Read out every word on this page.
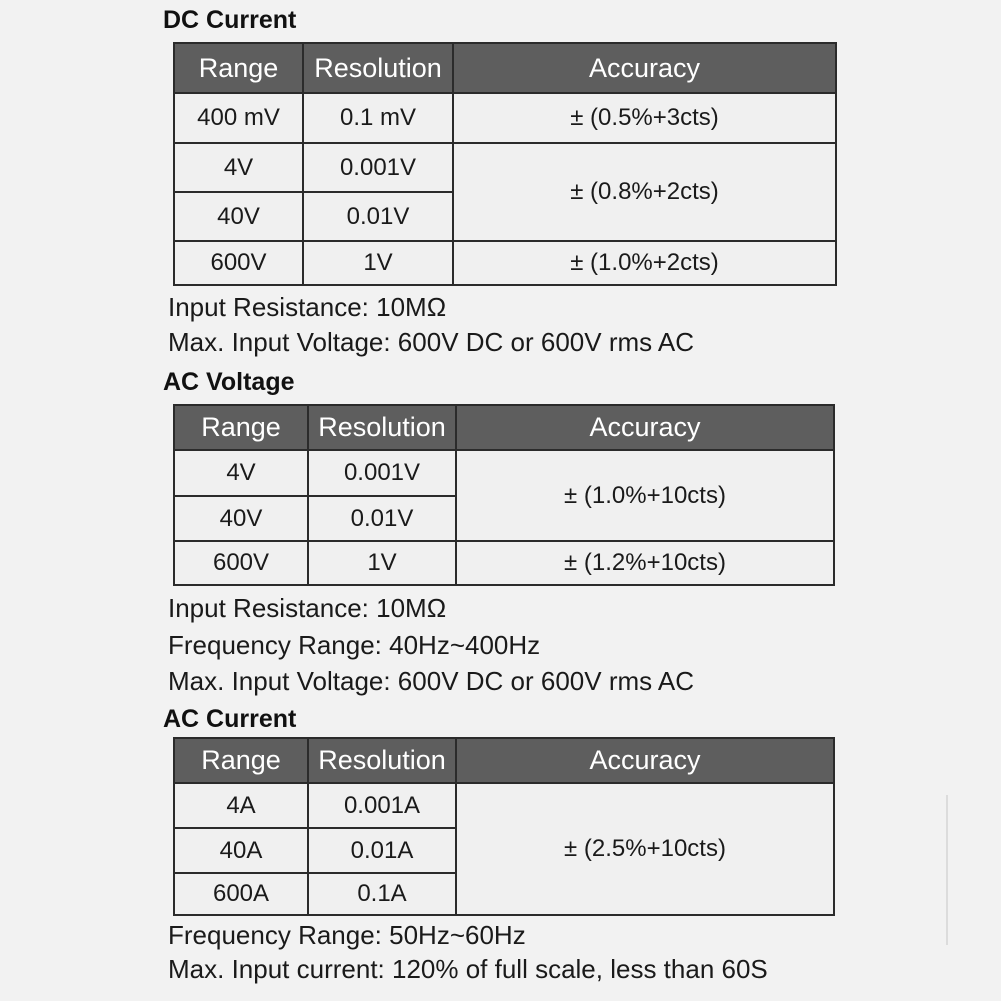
DC Current
Range	Resolution	Accuracy
400 mV	0.1 mV	± (0.5%+3cts)
4V	0.001V	± (0.8%+2cts)
40V	0.01V	
600V	1V	± (1.0%+2cts)
Input Resistance: 10MΩ
Max. Input Voltage: 600V DC or 600V rms AC
AC Voltage
Range	Resolution	Accuracy
4V	0.001V	± (1.0%+10cts)
40V	0.01V	
600V	1V	± (1.2%+10cts)
Input Resistance: 10MΩ
Frequency Range: 40Hz~400Hz
Max. Input Voltage: 600V DC or 600V rms AC
AC Current
Range	Resolution	Accuracy
4A	0.001A	± (2.5%+10cts)
40A	0.01A	
600A	0.1A	
Frequency Range: 50Hz~60Hz
Max. Input current: 120% of full scale, less than 60S
